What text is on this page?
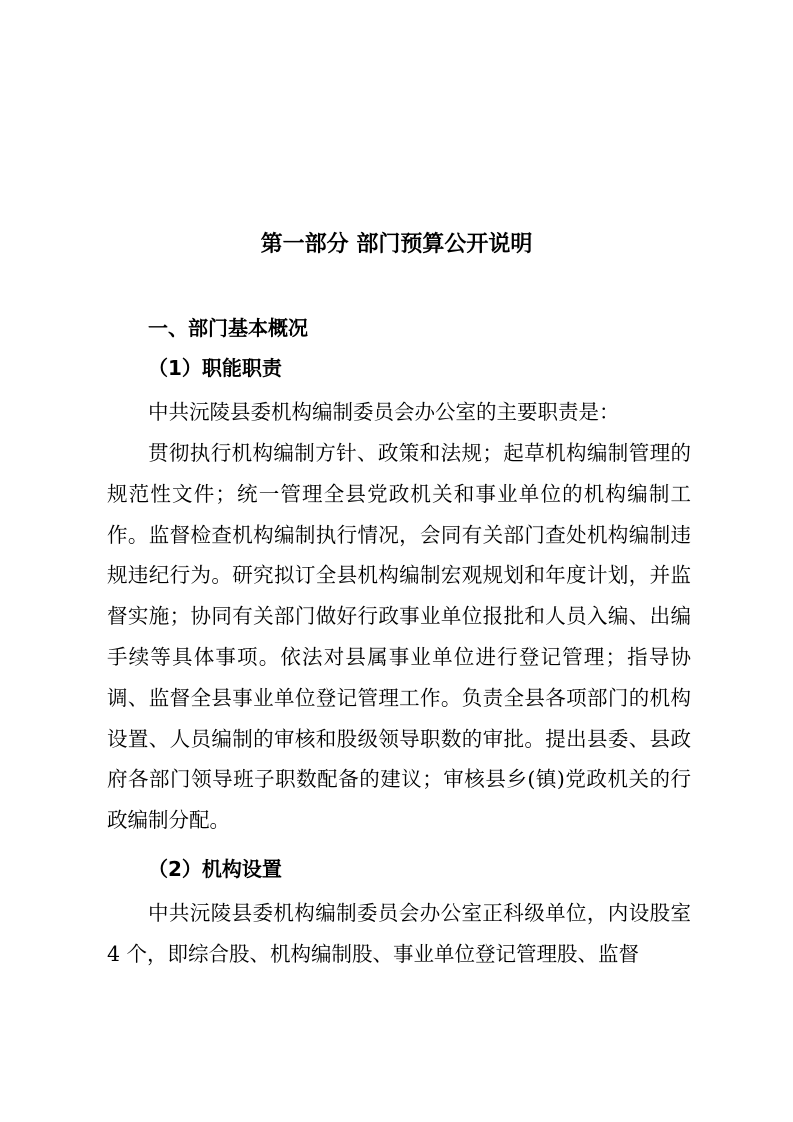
第一部分 部门预算公开说明
一、部门基本概况
（1）职能职责

中共沅陵县委机构编制委员会办公室的主要职责是：

贯彻执行机构编制方针、政策和法规；起草机构编制管理的规范性文件；统一管理全县党政机关和事业单位的机构编制工作。监督检查机构编制执行情况，会同有关部门查处机构编制违规违纪行为。研究拟订全县机构编制宏观规划和年度计划，并监督实施；协同有关部门做好行政事业单位报批和人员入编、出编手续等具体事项。依法对县属事业单位进行登记管理；指导协调、监督全县事业单位登记管理工作。负责全县各项部门的机构设置、人员编制的审核和股级领导职数的审批。提出县委、县政府各部门领导班子职数配备的建议；审核县乡(镇)党政机关的行政编制分配。

（2）机构设置

中共沅陵县委机构编制委员会办公室正科级单位，内设股室 4 个，即综合股、机构编制股、事业单位登记管理股、监督
